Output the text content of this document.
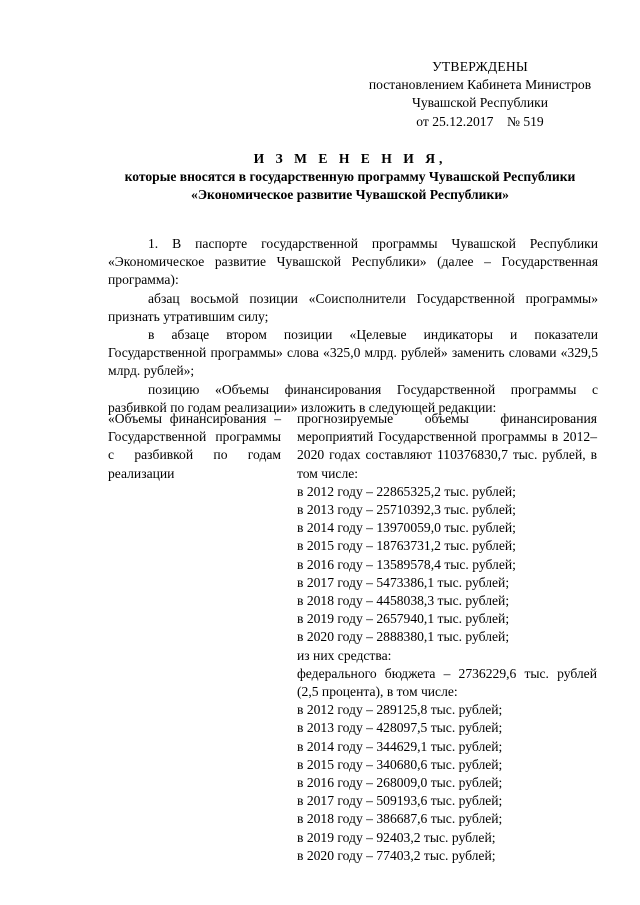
УТВЕРЖДЕНЫ
постановлением Кабинета Министров
Чувашской Республики
от 25.12.2017    № 519
И З М Е Н Е Н И Я,
которые вносятся в государственную программу Чувашской Республики
«Экономическое развитие Чувашской Республики»

1. В паспорте государственной программы Чувашской Республики «Экономическое развитие Чувашской Республики» (далее – Государственная программа):

абзац восьмой позиции «Соисполнители Государственной программы» признать утратившим силу;

в абзаце втором позиции «Целевые индикаторы и показатели Государственной программы» слова «325,0 млрд. рублей» заменить словами «329,5 млрд. рублей»;

позицию «Объемы финансирования Государственной программы с разбивкой по годам реализации» изложить в следующей редакции:

«Объемы финансирования – Государственной программы с разбивкой по годам реализации
прогнозируемые объемы финансирования мероприятий Государственной программы в 2012–2020 годах составляют 110376830,7 тыс. рублей, в том числе:
в 2012 году – 22865325,2 тыс. рублей;
в 2013 году – 25710392,3 тыс. рублей;
в 2014 году – 13970059,0 тыс. рублей;
в 2015 году – 18763731,2 тыс. рублей;
в 2016 году – 13589578,4 тыс. рублей;
в 2017 году – 5473386,1 тыс. рублей;
в 2018 году – 4458038,3 тыс. рублей;
в 2019 году – 2657940,1 тыс. рублей;
в 2020 году – 2888380,1 тыс. рублей;
из них средства:
федерального бюджета – 2736229,6 тыс. рублей (2,5 процента), в том числе:
в 2012 году – 289125,8 тыс. рублей;
в 2013 году – 428097,5 тыс. рублей;
в 2014 году – 344629,1 тыс. рублей;
в 2015 году – 340680,6 тыс. рублей;
в 2016 году – 268009,0 тыс. рублей;
в 2017 году – 509193,6 тыс. рублей;
в 2018 году – 386687,6 тыс. рублей;
в 2019 году – 92403,2 тыс. рублей;
в 2020 году – 77403,2 тыс. рублей;
